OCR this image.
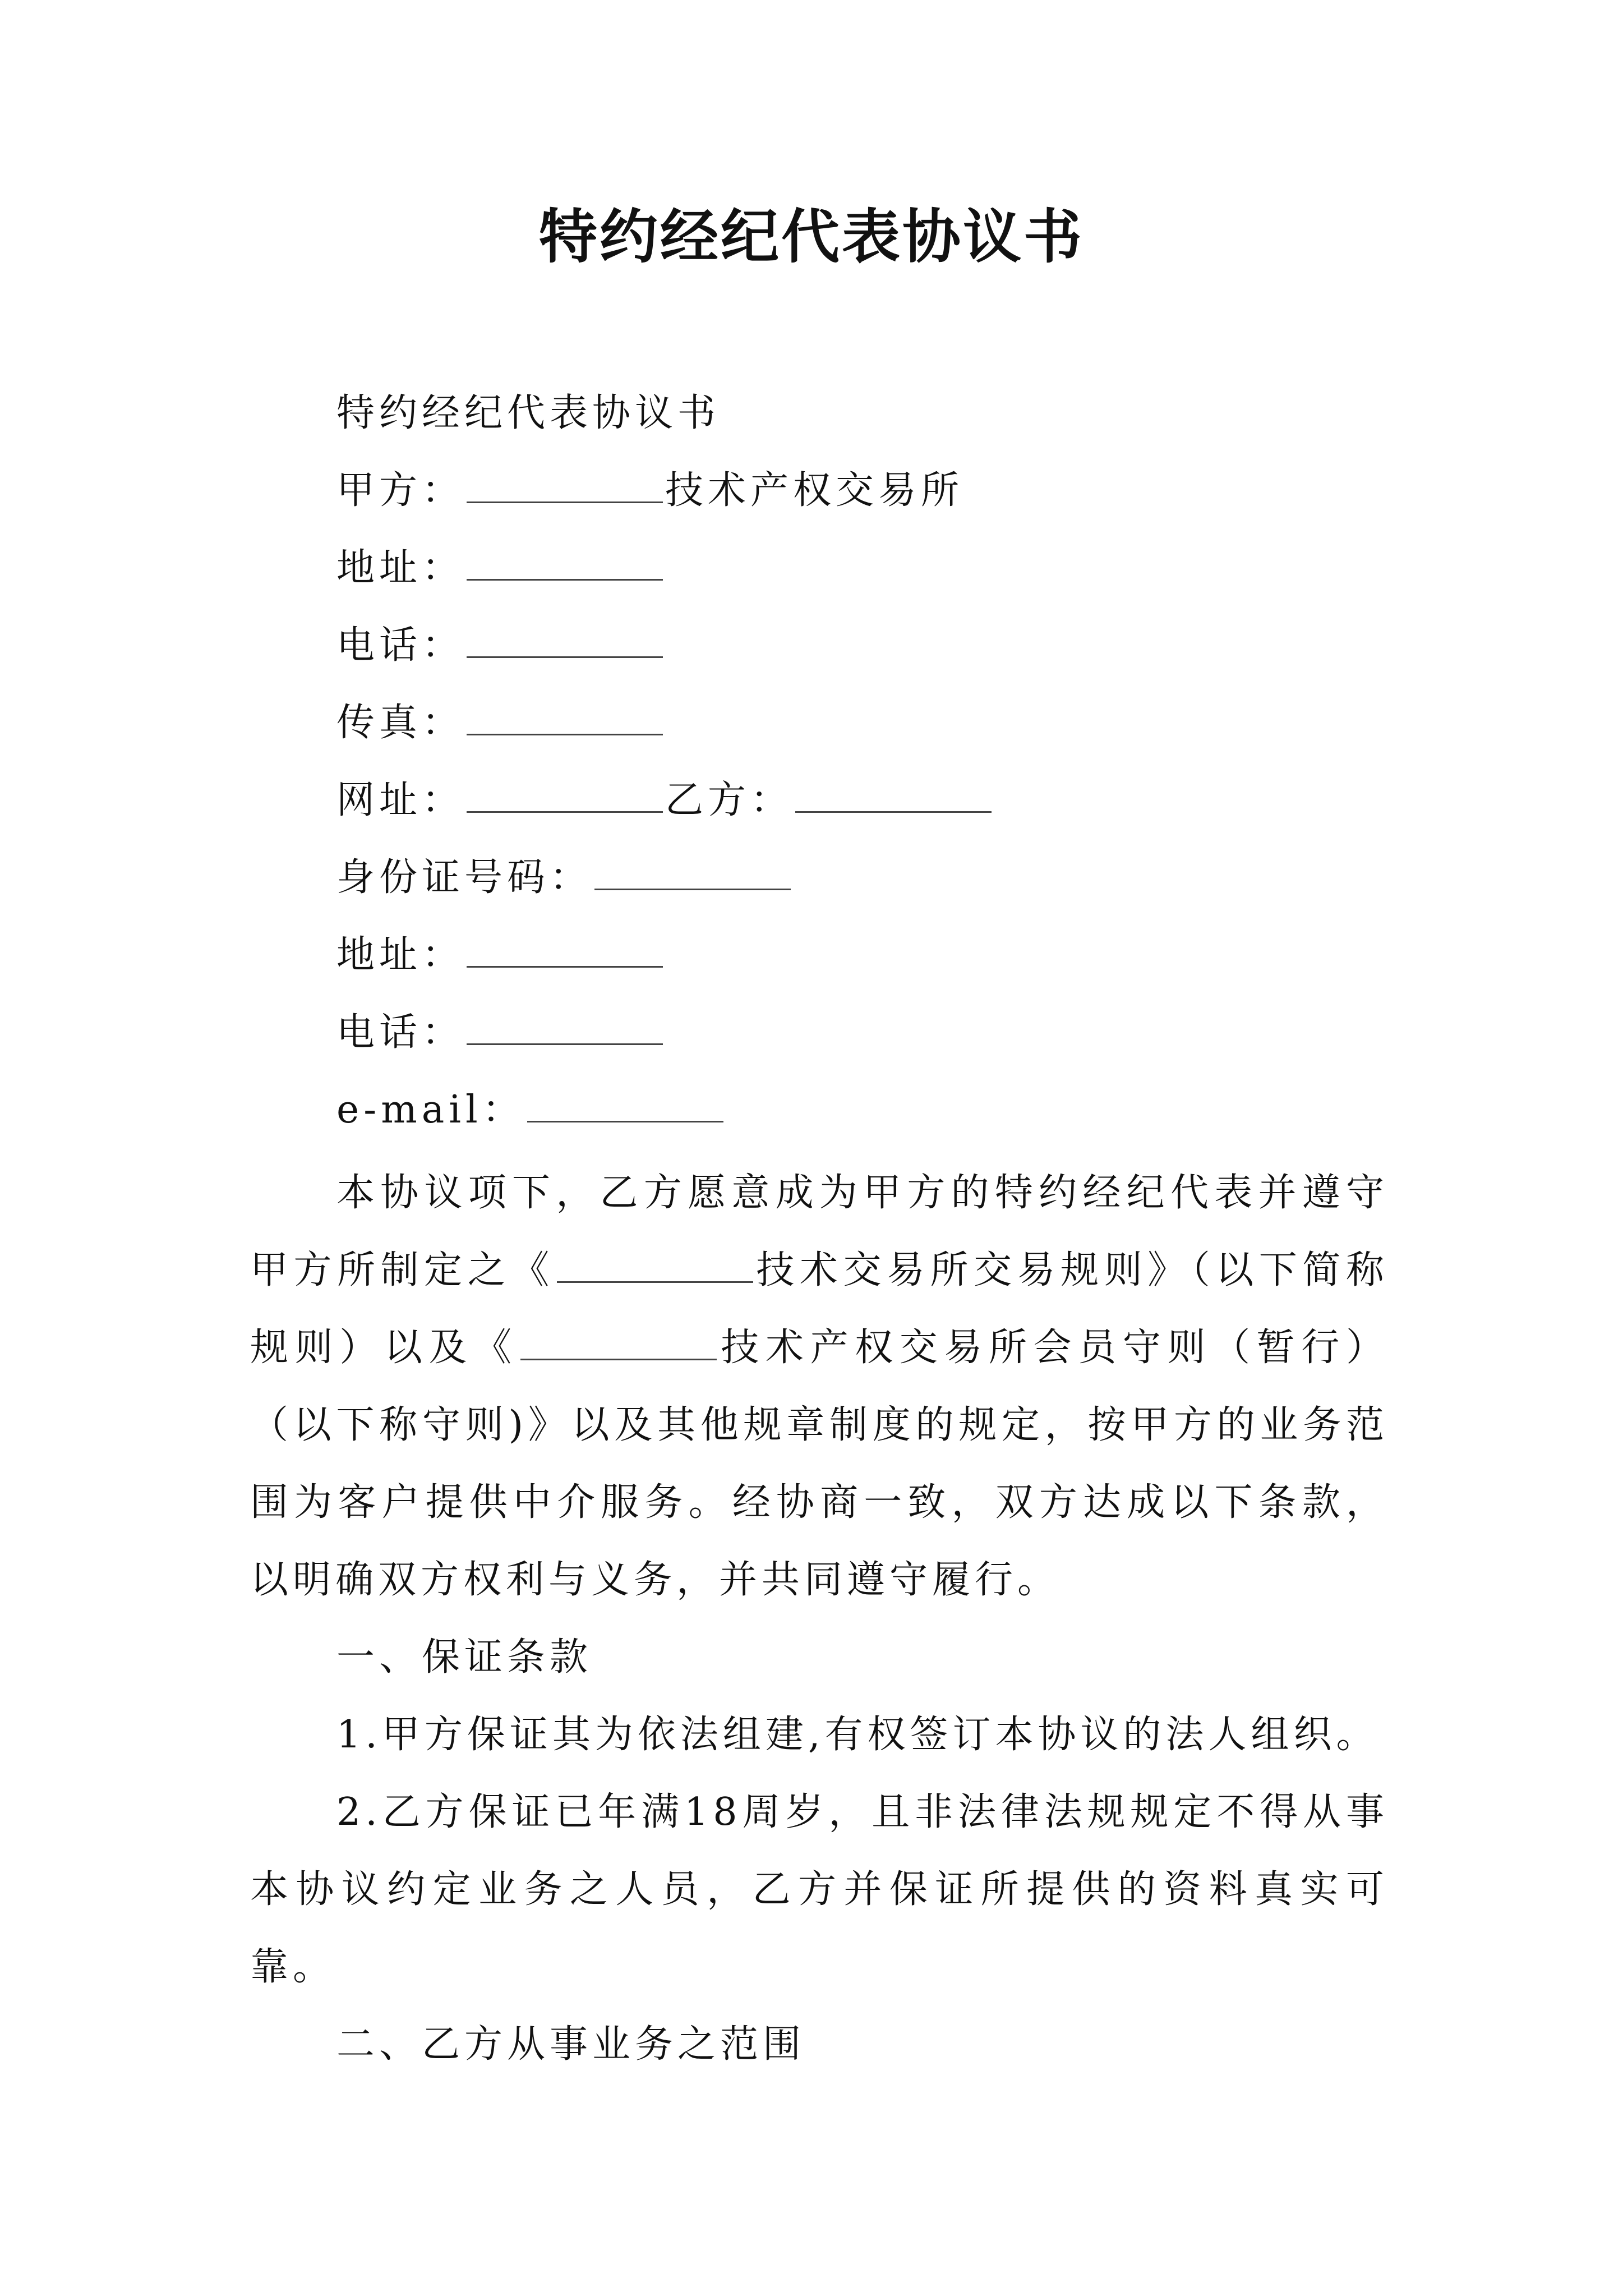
特约经纪代表协议书
特约经纪代表协议书
甲方：	技术产权交易所
地址：
电话：
传真：
网址：	乙方：
身份证号码：
地址：
电话：
e-mail：
本协议项下，乙方愿意成为甲方的特约经纪代表并遵守甲方所制定之《	技术交易所交易规则》（以下简称规则）以及《	技术产权交易所会员守则（暂行）（以下称守则)》以及其他规章制度的规定，按甲方的业务范围为客户提供中介服务。经协商一致，双方达成以下条款，以明确双方权利与义务，并共同遵守履行。
一、保证条款
1.甲方保证其为依法组建,有权签订本协议的法人组织。
2.乙方保证已年满18周岁，且非法律法规规定不得从事本协议约定业务之人员，乙方并保证所提供的资料真实可靠。
二、乙方从事业务之范围
